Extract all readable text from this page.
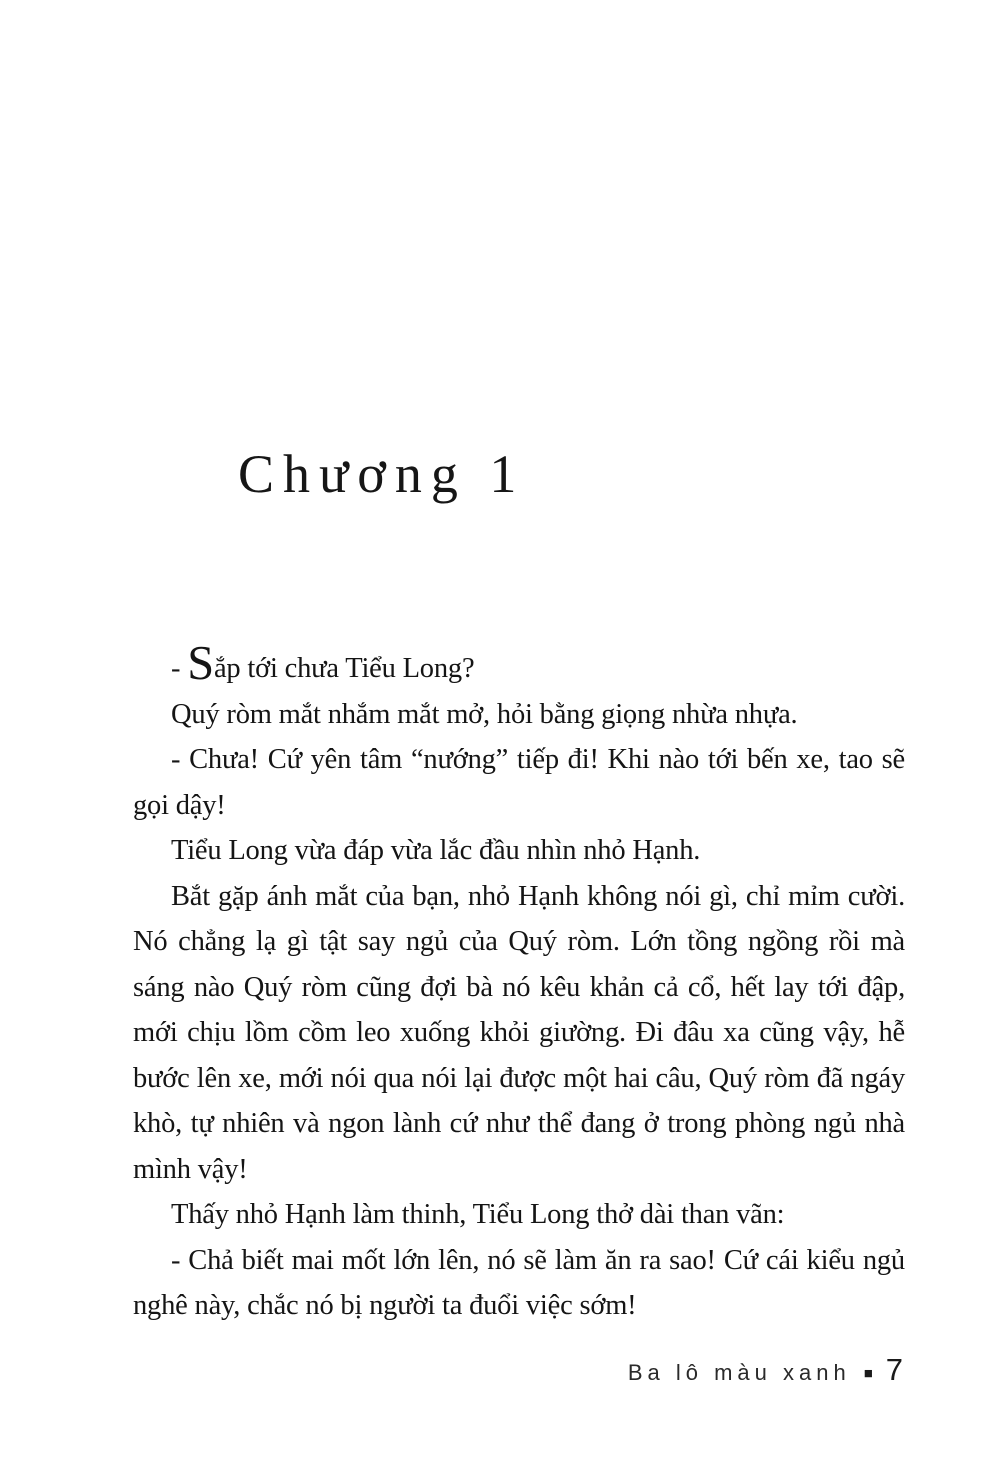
Chương 1

- Sắp tới chưa Tiểu Long?

Quý ròm mắt nhắm mắt mở, hỏi bằng giọng nhừa nhựa.

- Chưa! Cứ yên tâm “nướng” tiếp đi! Khi nào tới bến xe, tao sẽ gọi dậy!

Tiểu Long vừa đáp vừa lắc đầu nhìn nhỏ Hạnh.

Bắt gặp ánh mắt của bạn, nhỏ Hạnh không nói gì, chỉ mỉm cười. Nó chẳng lạ gì tật say ngủ của Quý ròm. Lớn tồng ngồng rồi mà sáng nào Quý ròm cũng đợi bà nó kêu khản cả cổ, hết lay tới đập, mới chịu lồm cồm leo xuống khỏi giường. Đi đâu xa cũng vậy, hễ bước lên xe, mới nói qua nói lại được một hai câu, Quý ròm đã ngáy khò, tự nhiên và ngon lành cứ như thể đang ở trong phòng ngủ nhà mình vậy!

Thấy nhỏ Hạnh làm thinh, Tiểu Long thở dài than vãn:

- Chả biết mai mốt lớn lên, nó sẽ làm ăn ra sao! Cứ cái kiểu ngủ nghê này, chắc nó bị người ta đuổi việc sớm!

Ba lô màu xanh ■ 7
